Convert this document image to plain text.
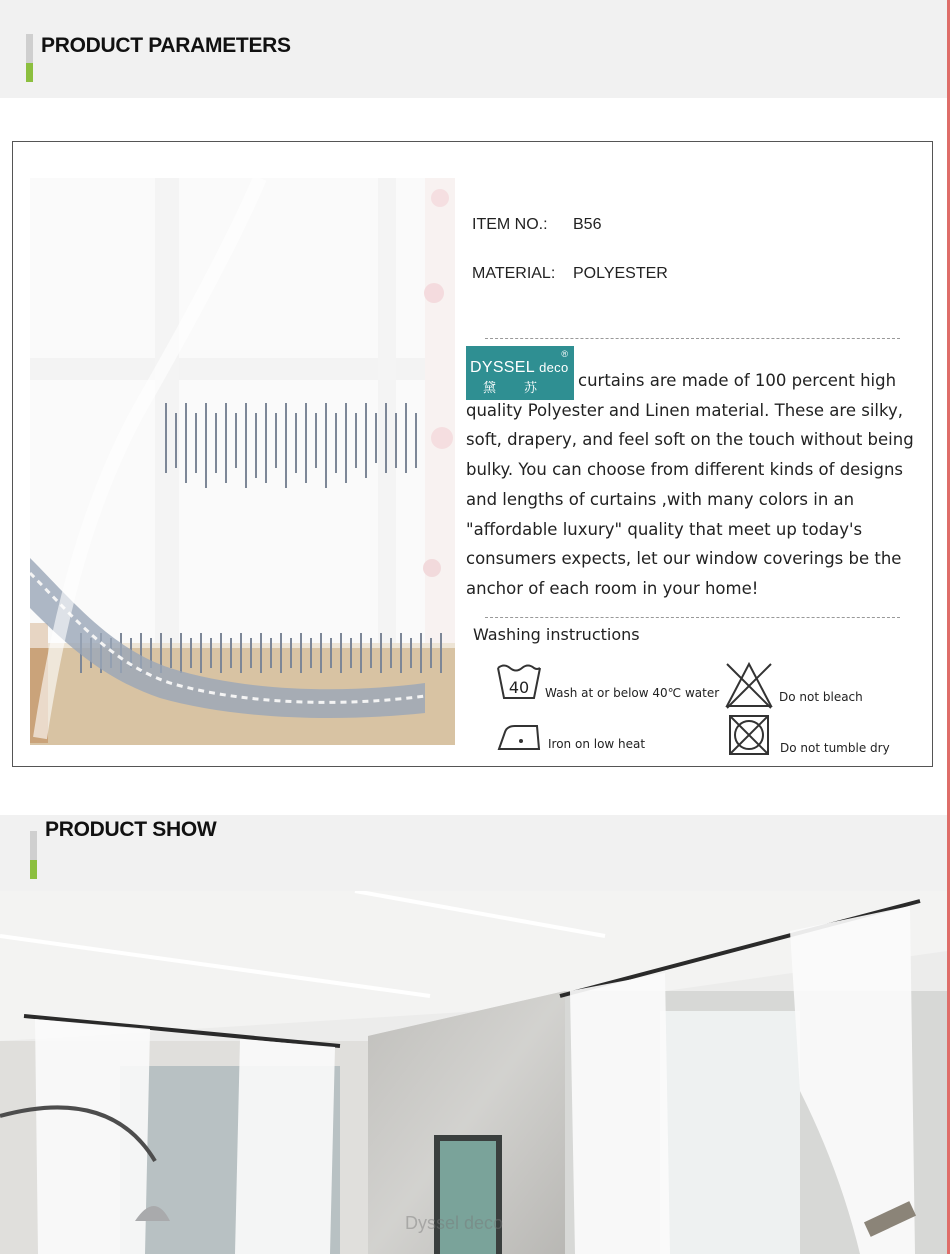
PRODUCT PARAMETERS
ITEM NO.: B56
MATERIAL: POLYESTER
®
DYSSEL deco
黛苏 curtains are made of 100 percent high quality Polyester and Linen material. These are silky, soft, drapery, and feel soft on the touch without being bulky. You can choose from different kinds of designs and lengths of curtains ,with many colors in an "affordable luxury" quality that meet up today's consumers expects, let our window coverings be the anchor of each room in your home!
Washing instructions
40 Wash at or below 40℃ water	Do not bleach
Iron on low heat	Do not tumble dry
PRODUCT SHOW
Dyssel deco
